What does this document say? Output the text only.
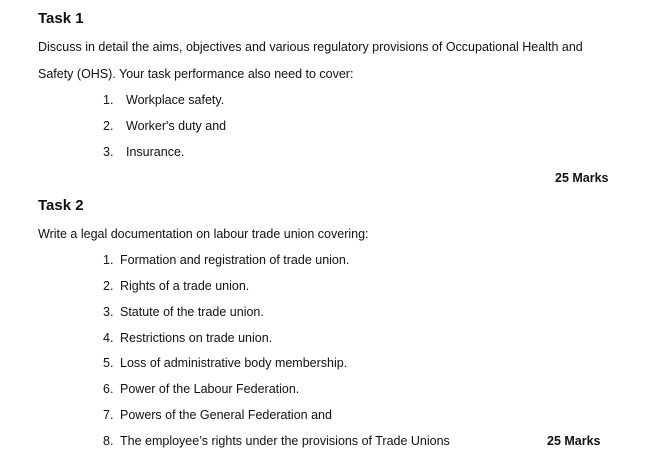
Task 1
Discuss in detail the aims, objectives and various regulatory provisions of Occupational Health and
Safety (OHS). Your task performance also need to cover:
1. Workplace safety.
2. Worker's duty and
3. Insurance.
25 Marks
Task 2
Write a legal documentation on labour trade union covering:
1. Formation and registration of trade union.
2. Rights of a trade union.
3. Statute of the trade union.
4. Restrictions on trade union.
5. Loss of administrative body membership.
6. Power of the Labour Federation.
7. Powers of the General Federation and
8. The employee’s rights under the provisions of Trade Unions	25 Marks
